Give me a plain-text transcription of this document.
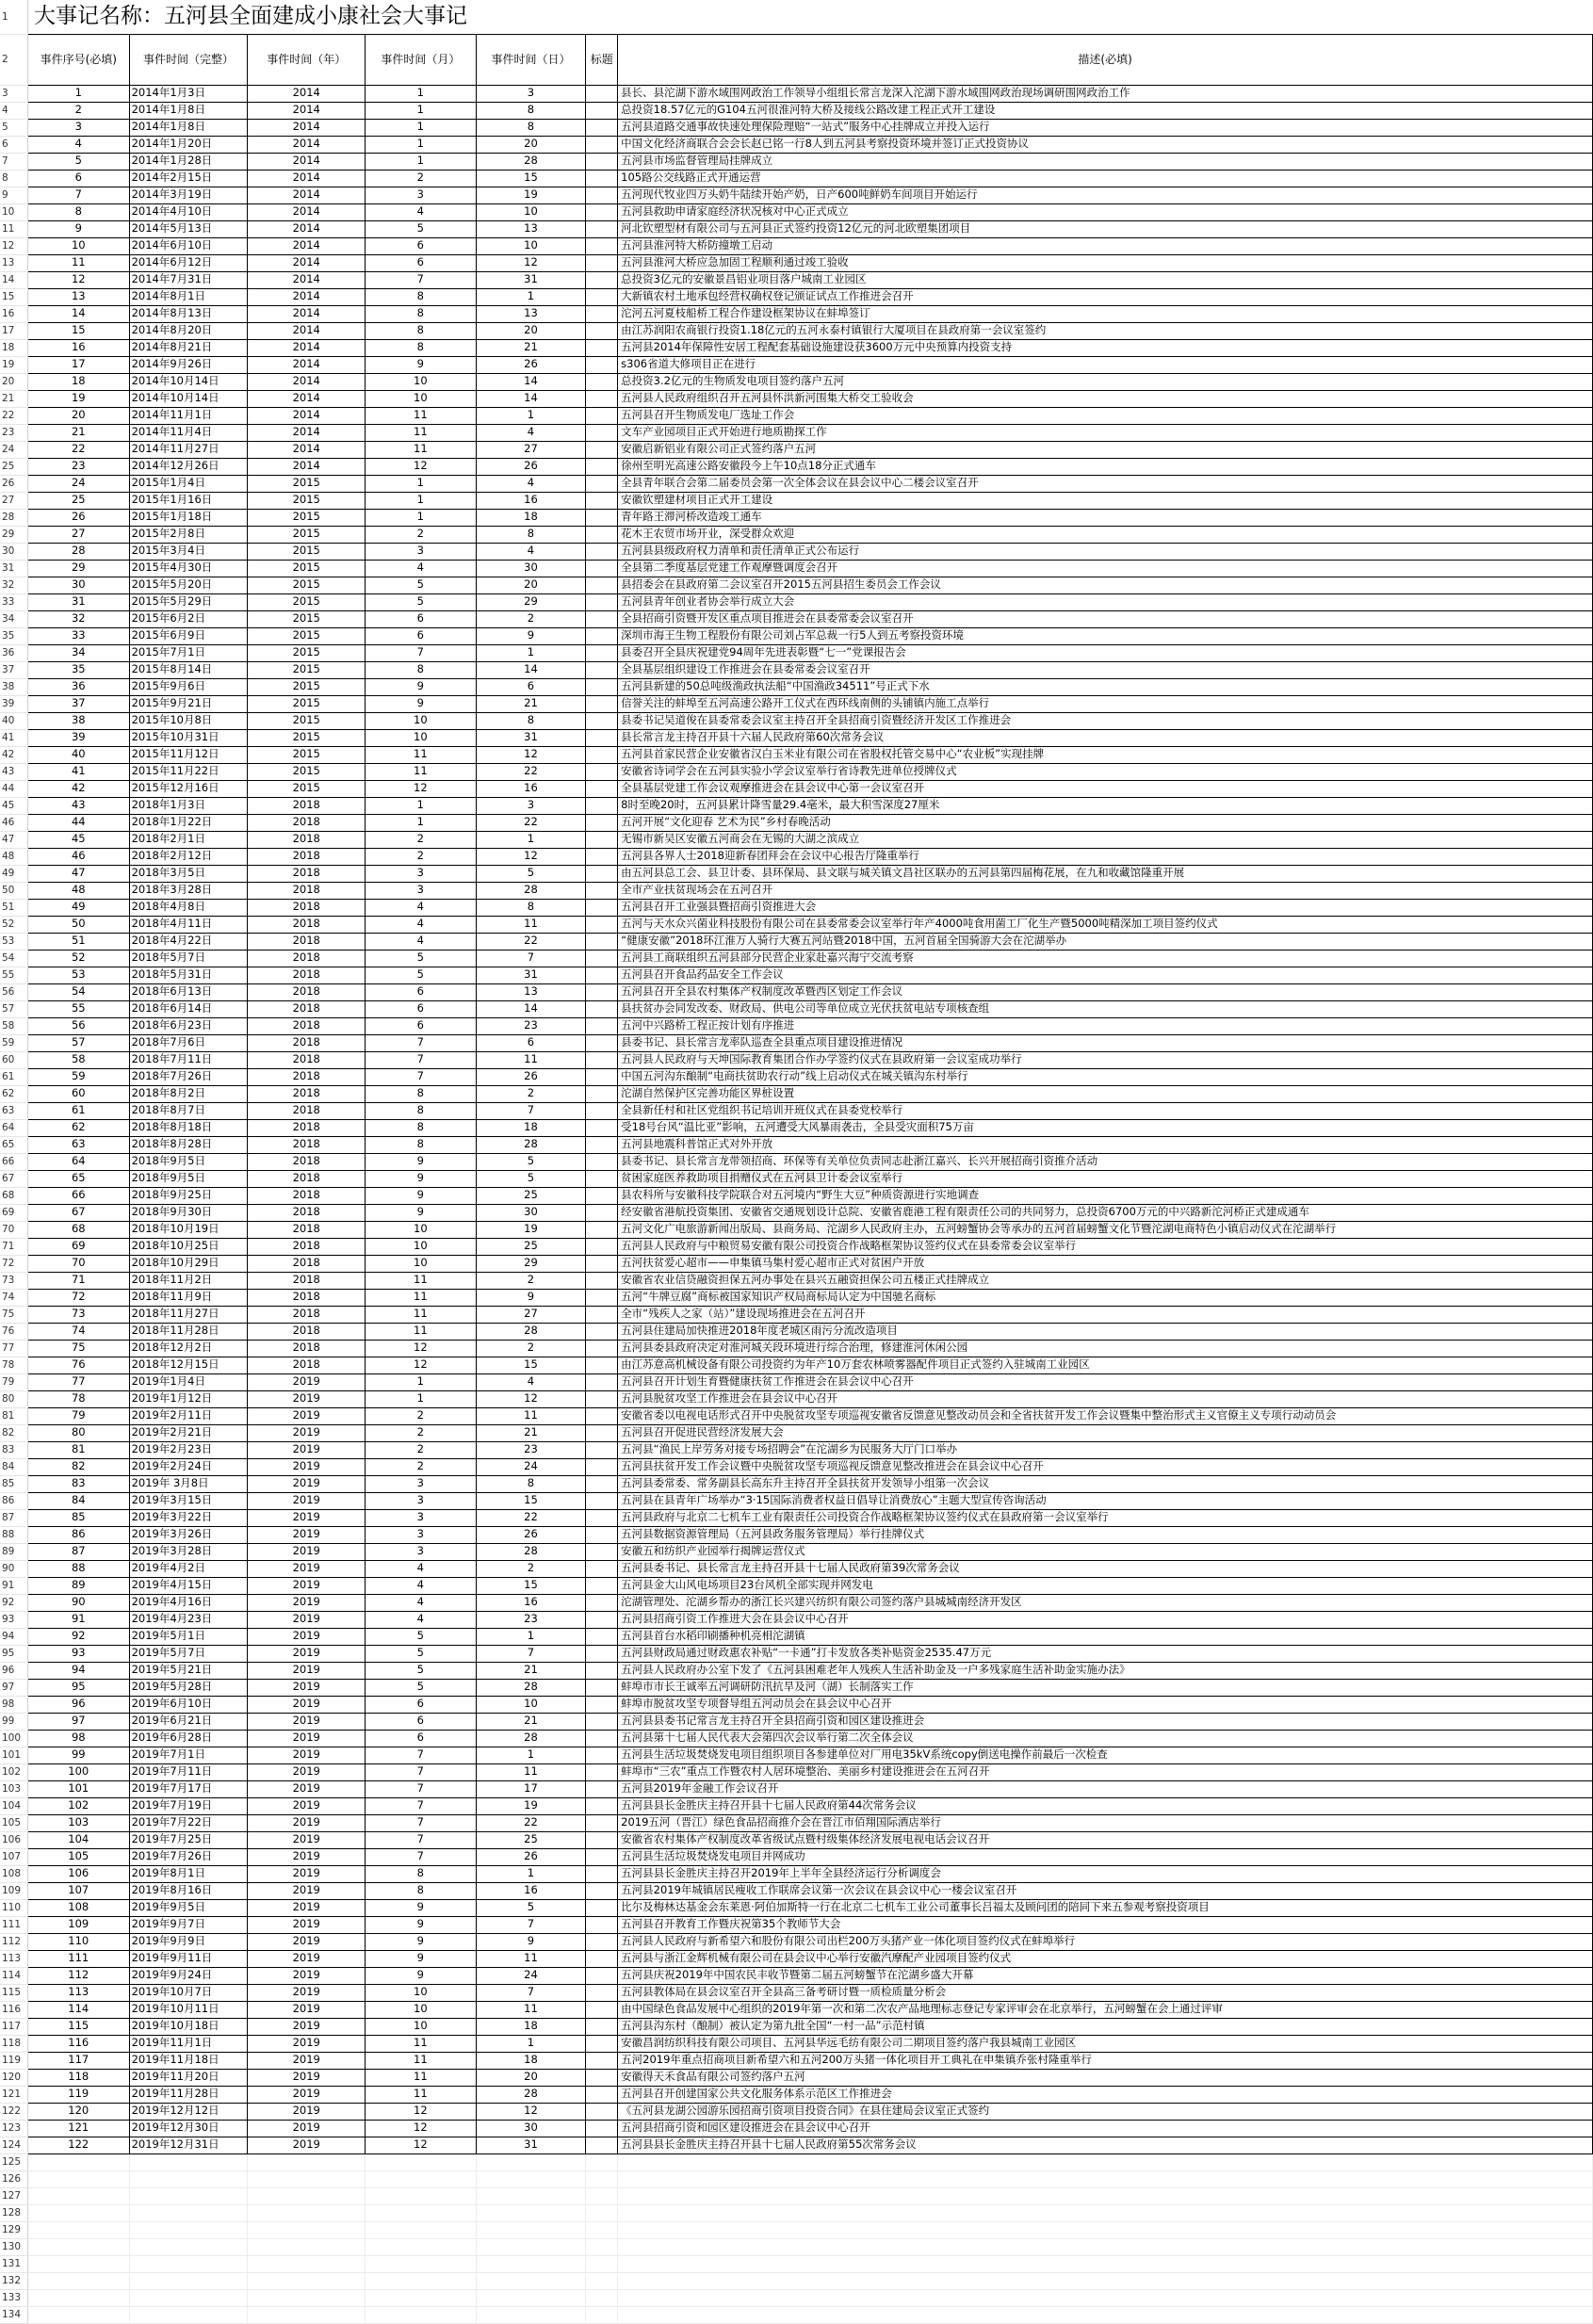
1	大事记名称：五河县全面建成小康社会大事记						
2	事件序号(必填)	事件时间（完整）	事件时间（年）	事件时间（月）	事件时间（日）	标题	描述(必填)
3	1	2014年1月3日	2014	1	3		县长、县沱湖下游水域围网政治工作领导小组组长常言龙深入沱湖下游水域围网政治现场调研围网政治工作
4	2	2014年1月8日	2014	1	8		总投资18.57亿元的G104五河很淮河特大桥及接线公路改建工程正式开工建设
5	3	2014年1月8日	2014	1	8		五河县道路交通事故快速处理保险理赔“一站式”服务中心挂牌成立并投入运行
6	4	2014年1月20日	2014	1	20		中国文化经济商联合会会长赵已铭一行8人到五河县考察投资环境并签订正式投资协议
7	5	2014年1月28日	2014	1	28		五河县市场监督管理局挂牌成立
8	6	2014年2月15日	2014	2	15		105路公交线路正式开通运营
9	7	2014年3月19日	2014	3	19		五河现代牧业四万头奶牛陆续开始产奶，日产600吨鲜奶车间项目开始运行
10	8	2014年4月10日	2014	4	10		五河县救助申请家庭经济状况核对中心正式成立
11	9	2014年5月13日	2014	5	13		河北钦塑型材有限公司与五河县正式签约投资12亿元的河北欧塑集团项目
12	10	2014年6月10日	2014	6	10		五河县淮河特大桥防撞墩工启动
13	11	2014年6月12日	2014	6	12		五河县淮河大桥应急加固工程顺利通过竣工验收
14	12	2014年7月31日	2014	7	31		总投资3亿元的安徽景昌铝业项目落户城南工业园区
15	13	2014年8月1日	2014	8	1		大新镇农村土地承包经营权确权登记颁证试点工作推进会召开
16	14	2014年8月13日	2014	8	13		沱河五河夏枝船桥工程合作建设框架协议在蚌埠签订
17	15	2014年8月20日	2014	8	20		由江苏润阳农商银行投资1.18亿元的五河永泰村镇银行大厦项目在县政府第一会议室签约
18	16	2014年8月21日	2014	8	21		五河县2014年保障性安居工程配套基础设施建设获3600万元中央预算内投资支持
19	17	2014年9月26日	2014	9	26		s306省道大修项目正在进行
20	18	2014年10月14日	2014	10	14		总投资3.2亿元的生物质发电项目签约落户五河
21	19	2014年10月14日	2014	10	14		五河县人民政府组织召开五河县怀洪新河围集大桥交工验收会
22	20	2014年11月1日	2014	11	1		五河县召开生物质发电厂选址工作会
23	21	2014年11月4日	2014	11	4		文车产业园项目正式开始进行地质勘探工作
24	22	2014年11月27日	2014	11	27		安徽启新铝业有限公司正式签约落户五河
25	23	2014年12月26日	2014	12	26		徐州至明光高速公路安徽段今上午10点18分正式通车
26	24	2015年1月4日	2015	1	4		全县青年联合会第二届委员会第一次全体会议在县会议中心二楼会议室召开
27	25	2015年1月16日	2015	1	16		安徽钦塑建材项目正式开工建设
28	26	2015年1月18日	2015	1	18		青年路王滞河桥改造竣工通车
29	27	2015年2月8日	2015	2	8		花木王农贸市场开业，深受群众欢迎
30	28	2015年3月4日	2015	3	4		五河县县级政府权力清单和责任清单正式公布运行
31	29	2015年4月30日	2015	4	30		全县第二季度基层党建工作观摩暨调度会召开
32	30	2015年5月20日	2015	5	20		县招委会在县政府第二会议室召开2015五河县招生委员会工作会议
33	31	2015年5月29日	2015	5	29		五河县青年创业者协会举行成立大会
34	32	2015年6月2日	2015	6	2		全县招商引资暨开发区重点项目推进会在县委常委会议室召开
35	33	2015年6月9日	2015	6	9		深圳市海王生物工程股份有限公司刘占军总裁一行5人到五考察投资环境
36	34	2015年7月1日	2015	7	1		县委召开全县庆祝建党94周年先进表彰暨“七一”党课报告会
37	35	2015年8月14日	2015	8	14		全县基层组织建设工作推进会在县委常委会议室召开
38	36	2015年9月6日	2015	9	6		五河县新建的50总吨级渔政执法船“中国渔政34511”号正式下水
39	37	2015年9月21日	2015	9	21		信誉关注的蚌埠至五河高速公路开工仪式在西环线南侧的头铺镇内施工点举行
40	38	2015年10月8日	2015	10	8		县委书记吴道俊在县委常委会议室主持召开全县招商引资暨经济开发区工作推进会
41	39	2015年10月31日	2015	10	31		县长常言龙主持召开县十六届人民政府第60次常务会议
42	40	2015年11月12日	2015	11	12		五河县首家民营企业安徽省汉白玉米业有限公司在省股权托管交易中心“农业板”实现挂牌
43	41	2015年11月22日	2015	11	22		安徽省诗词学会在五河县实验小学会议室举行省诗教先进单位授牌仪式
44	42	2015年12月16日	2015	12	16		全县基层党建工作会议观摩推进会在县会议中心第一会议室召开
45	43	2018年1月3日	2018	1	3		8时至晚20时，五河县累计降雪量29.4毫米，最大积雪深度27厘米
46	44	2018年1月22日	2018	1	22		五河开展“文化迎春 艺术为民”乡村春晚活动
47	45	2018年2月1日	2018	2	1		无锡市新吴区安徽五河商会在无锡的大湖之滨成立
48	46	2018年2月12日	2018	2	12		五河县各界人士2018迎新春团拜会在会议中心报告厅隆重举行
49	47	2018年3月5日	2018	3	5		由五河县总工会、县卫计委、县环保局、县文联与城关镇文昌社区联办的五河县第四届梅花展，在九和收藏馆隆重开展
50	48	2018年3月28日	2018	3	28		全市产业扶贫现场会在五河召开
51	49	2018年4月8日	2018	4	8		五河县召开工业强县暨招商引资推进大会
52	50	2018年4月11日	2018	4	11		五河与天水众兴菌业科技股份有限公司在县委常委会议室举行年产4000吨食用菌工厂化生产暨5000吨精深加工项目签约仪式
53	51	2018年4月22日	2018	4	22		“健康安徽”2018环江淮万人骑行大赛五河站暨2018中国，五河首届全国骑游大会在沱湖举办
54	52	2018年5月7日	2018	5	7		五河县工商联组织五河县部分民营企业家赴嘉兴海宁交流考察
55	53	2018年5月31日	2018	5	31		五河县召开食品药品安全工作会议
56	54	2018年6月13日	2018	6	13		五河县召开全县农村集体产权制度改革暨西区划定工作会议
57	55	2018年6月14日	2018	6	14		县扶贫办会同发改委、财政局、供电公司等单位成立光伏扶贫电站专项核查组
58	56	2018年6月23日	2018	6	23		五河中兴路桥工程正按计划有序推进
59	57	2018年7月6日	2018	7	6		县委书记、县长常言龙率队巡查全县重点项目建设推进情况
60	58	2018年7月11日	2018	7	11		五河县人民政府与天坤国际教育集团合作办学签约仪式在县政府第一会议室成功举行
61	59	2018年7月26日	2018	7	26		中国五河沟东酿制“电商扶贫助农行动”线上启动仪式在城关镇沟东村举行
62	60	2018年8月2日	2018	8	2		沱湖自然保护区完善功能区界桩设置
63	61	2018年8月7日	2018	8	7		全县新任村和社区党组织书记培训开班仪式在县委党校举行
64	62	2018年8月18日	2018	8	18		受18号台风“温比亚”影响，五河遭受大风暴雨袭击，全县受灾面积75万亩
65	63	2018年8月28日	2018	8	28		五河县地震科普馆正式对外开放
66	64	2018年9月5日	2018	9	5		县委书记、县长常言龙带领招商、环保等有关单位负责同志赴浙江嘉兴、长兴开展招商引资推介活动
67	65	2018年9月5日	2018	9	5		贫困家庭医养救助项目捐赠仪式在五河县卫计委会议室举行
68	66	2018年9月25日	2018	9	25		县农科所与安徽科技学院联合对五河境内“野生大豆”种质资源进行实地调查
69	67	2018年9月30日	2018	9	30		经安徽省港航投资集团、安徽省交通规划设计总院、安徽省鹿港工程有限责任公司的共同努力，总投资6700万元的中兴路新沱河桥正式建成通车
70	68	2018年10月19日	2018	10	19		五河文化广电旅游新闻出版局、县商务局、沱湖乡人民政府主办，五河螃蟹协会等承办的五河首届螃蟹文化节暨沱湖电商特色小镇启动仪式在沱湖举行
71	69	2018年10月25日	2018	10	25		五河县人民政府与中粮贸易安徽有限公司投资合作战略框架协议签约仪式在县委常委会议室举行
72	70	2018年10月29日	2018	10	29		五河扶贫爱心超市——申集镇马集村爱心超市正式对贫困户开放
73	71	2018年11月2日	2018	11	2		安徽省农业信贷融资担保五河办事处在县兴五融资担保公司五楼正式挂牌成立
74	72	2018年11月9日	2018	11	9		五河“牛牌豆腐”商标被国家知识产权局商标局认定为中国驰名商标
75	73	2018年11月27日	2018	11	27		全市“残疾人之家（站）”建设现场推进会在五河召开
76	74	2018年11月28日	2018	11	28		五河县住建局加快推进2018年度老城区雨污分流改造项目
77	75	2018年12月2日	2018	12	2		五河县委县政府决定对淮河城关段环境进行综合治理，修建淮河休闲公园
78	76	2018年12月15日	2018	12	15		由江苏意高机械设备有限公司投资约为年产10万套农林喷雾器配件项目正式签约入驻城南工业园区
79	77	2019年1月4日	2019	1	4		五河县召开计划生育暨健康扶贫工作推进会在县会议中心召开
80	78	2019年1月12日	2019	1	12		五河县脱贫攻坚工作推进会在县会议中心召开
81	79	2019年2月11日	2019	2	11		安徽省委以电视电话形式召开中央脱贫攻坚专项巡视安徽省反馈意见整改动员会和全省扶贫开发工作会议暨集中整治形式主义官僚主义专项行动动员会
82	80	2019年2月21日	2019	2	21		五河县召开促进民营经济发展大会
83	81	2019年2月23日	2019	2	23		五河县“渔民上岸劳务对接专场招聘会”在沱湖乡为民服务大厅门口举办
84	82	2019年2月24日	2019	2	24		五河县扶贫开发工作会议暨中央脱贫攻坚专项巡视反馈意见整改推进会在县会议中心召开
85	83	2019年 3月8日	2019	3	8		五河县委常委、常务副县长高东升主持召开全县扶贫开发领导小组第一次会议
86	84	2019年3月15日	2019	3	15		五河县在县青年广场举办“3·15国际消费者权益日倡导让消费放心”主题大型宣传咨询活动
87	85	2019年3月22日	2019	3	22		五河县政府与北京二七机车工业有限责任公司投资合作战略框架协议签约仪式在县政府第一会议室举行
88	86	2019年3月26日	2019	3	26		五河县数据资源管理局（五河县政务服务管理局）举行挂牌仪式
89	87	2019年3月28日	2019	3	28		安徽五和纺织产业园举行揭牌运营仪式
90	88	2019年4月2日	2019	4	2		五河县委书记、县长常言龙主持召开县十七届人民政府第39次常务会议
91	89	2019年4月15日	2019	4	15		五河县金大山风电场项目23台风机全部实现并网发电
92	90	2019年4月16日	2019	4	16		沱湖管理处、沱湖乡帮办的浙江长兴建兴纺织有限公司签约落户县城城南经济开发区
93	91	2019年4月23日	2019	4	23		五河县招商引资工作推进大会在县会议中心召开
94	92	2019年5月1日	2019	5	1		五河县首台水稻印刷播种机亮相沱湖镇
95	93	2019年5月7日	2019	5	7		五河县财政局通过财政惠农补贴“一卡通”打卡发放各类补贴资金2535.47万元
96	94	2019年5月21日	2019	5	21		五河县人民政府办公室下发了《五河县困难老年人残疾人生活补助金及一户多残家庭生活补助金实施办法》
97	95	2019年5月28日	2019	5	28		蚌埠市市长王诚率五河调研防汛抗旱及河（湖）长制落实工作
98	96	2019年6月10日	2019	6	10		蚌埠市脱贫攻坚专项督导组五河动员会在县会议中心召开
99	97	2019年6月21日	2019	6	21		五河县县委书记常言龙主持召开全县招商引资和园区建设推进会
100	98	2019年6月28日	2019	6	28		五河县第十七届人民代表大会第四次会议举行第二次全体会议
101	99	2019年7月1日	2019	7	1		五河县生活垃圾焚烧发电项目组织项目各参建单位对厂用电35kV系统copy倒送电操作前最后一次检查
102	100	2019年7月11日	2019	7	11		蚌埠市“三农”重点工作暨农村人居环境整治、美丽乡村建设推进会在五河召开
103	101	2019年7月17日	2019	7	17		五河县2019年金融工作会议召开
104	102	2019年7月19日	2019	7	19		五河县县长金胜庆主持召开县十七届人民政府第44次常务会议
105	103	2019年7月22日	2019	7	22		2019五河（晋江）绿色食品招商推介会在晋江市佰翔国际酒店举行
106	104	2019年7月25日	2019	7	25		安徽省农村集体产权制度改革省级试点暨村级集体经济发展电视电话会议召开
107	105	2019年7月26日	2019	7	26		五河县生活垃圾焚烧发电项目并网成功
108	106	2019年8月1日	2019	8	1		五河县县长金胜庆主持召开2019年上半年全县经济运行分析调度会
109	107	2019年8月16日	2019	8	16		五河县2019年城镇居民瘦收工作联席会议第一次会议在县会议中心一楼会议室召开
110	108	2019年9月5日	2019	9	5		比尔及梅林达基金会东莱恩·阿伯加斯特一行在北京二七机车工业公司董事长吕福太及顾问团的陪同下来五参观考察投资项目
111	109	2019年9月7日	2019	9	7		五河县召开教育工作暨庆祝第35个教师节大会
112	110	2019年9月9日	2019	9	9		五河县人民政府与新希望六和股份有限公司出栏200万头猪产业一体化项目签约仪式在蚌埠举行
113	111	2019年9月11日	2019	9	11		五河县与浙江金辉机械有限公司在县会议中心举行安徽汽摩配产业园项目签约仪式
114	112	2019年9月24日	2019	9	24		五河县庆祝2019年中国农民丰收节暨第二届五河螃蟹节在沱湖乡盛大开幕
115	113	2019年10月7日	2019	10	7		五河县教体局在县会议室召开全县高三备考研讨暨一质检质量分析会
116	114	2019年10月11日	2019	10	11		由中国绿色食品发展中心组织的2019年第一次和第二次农产品地理标志登记专家评审会在北京举行，五河螃蟹在会上通过评审
117	115	2019年10月18日	2019	10	18		五河县沟东村（酿制）被认定为第九批全国“一村一品”示范村镇
118	116	2019年11月1日	2019	11	1		安徽昌润纺织科技有限公司项目、五河县华远毛纺有限公司二期项目签约落户我县城南工业园区
119	117	2019年11月18日	2019	11	18		五河2019年重点招商项目新希望六和五河200万头猪一体化项目开工典礼在申集镇乔张村隆重举行
120	118	2019年11月20日	2019	11	20		安徽得天禾食品有限公司签约落户五河
121	119	2019年11月28日	2019	11	28		五河县召开创建国家公共文化服务体系示范区工作推进会
122	120	2019年12月12日	2019	12	12		《五河县龙湖公园游乐园招商引资项目投资合同》在县住建局会议室正式签约
123	121	2019年12月30日	2019	12	30		五河县招商引资和园区建设推进会在县会议中心召开
124	122	2019年12月31日	2019	12	31		五河县县长金胜庆主持召开县十七届人民政府第55次常务会议
125							
126							
127							
128							
129							
130							
131							
132							
133							
134							
